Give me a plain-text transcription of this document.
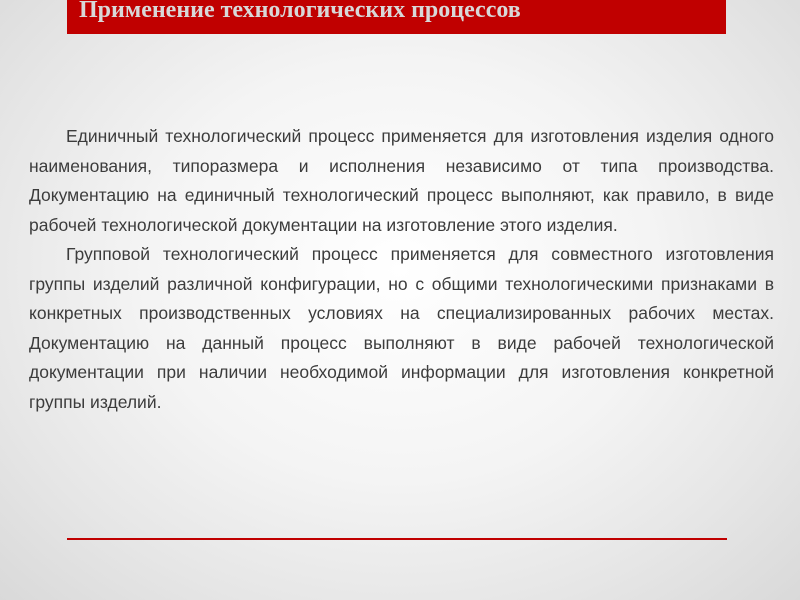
Применение технологических процессов

Единичный технологический процесс применяется для изготовления изделия одного наименования, типоразмера и исполнения независимо от типа производства. Документацию на единичный технологический процесс выполняют, как правило, в виде рабочей технологической документации на изготовление этого изделия.

Групповой технологический процесс применяется для совместного изготовления группы изделий различной конфигурации, но с общими технологическими признаками в конкретных производственных условиях на специализированных рабочих местах. Документацию на данный процесс выполняют в виде рабочей технологической документации при наличии необходимой информации для изготовления конкретной группы изделий.
